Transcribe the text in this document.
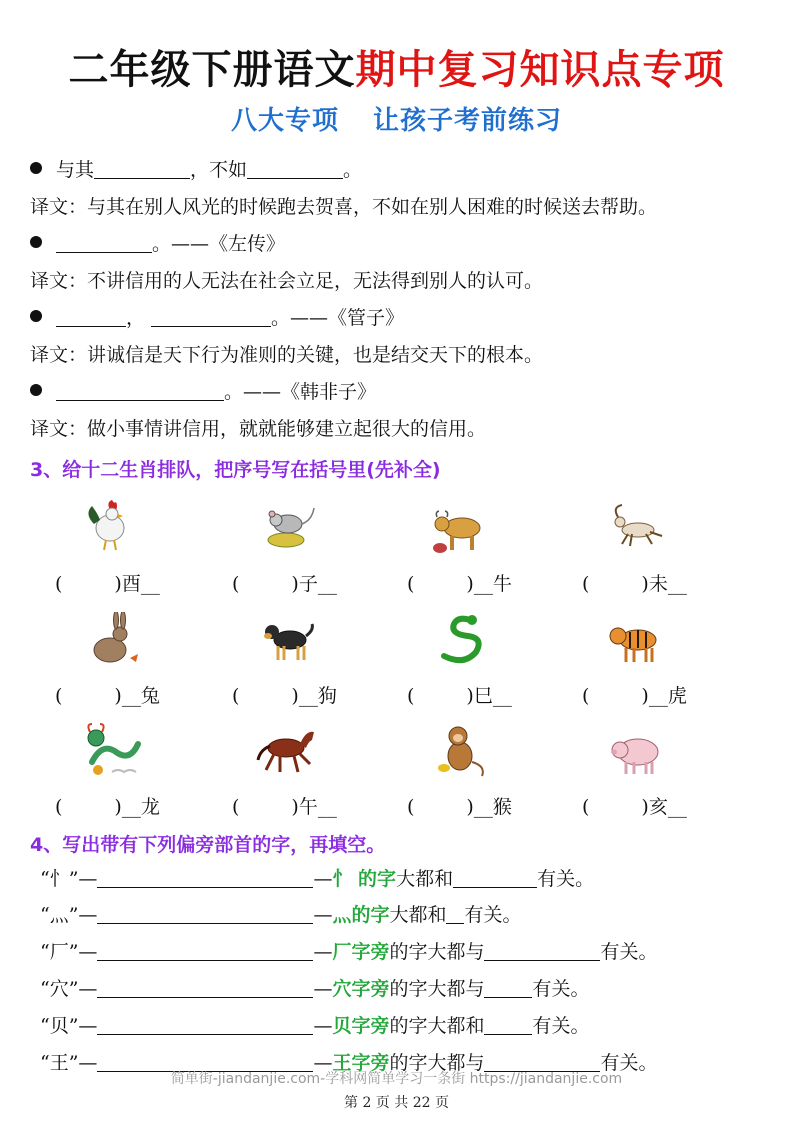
二年级下册语文期中复习知识点专项
八大专项 让孩子考前练习
与其	，不如	。
译文：与其在别人风光的时候跑去贺喜，不如在别人困难的时候送去帮助。
。——《左传》
译文：不讲信用的人无法在社会立足，无法得到别人的认可。
，	。——《管子》
译文：讲诚信是天下行为准则的关键，也是结交天下的根本。
。——《韩非子》
译文：做小事情讲信用，就就能够建立起很大的信用。
3、给十二生肖排队，把序号写在括号里(先补全)
(	)酉__	(	)子__	(	)__牛	(	)未__
(	)__兔	(	)__狗	(	)巳__	(	)__虎
(	)__龙	(	)午__	(	)__猴	(	)亥__
4、写出带有下列偏旁部首的字，再填空。
“忄”—	—忄 的字大都和	有关。
“灬”—	—灬的字大都和 有关。
“厂”—	—厂字旁的字大都与	有关。
“穴”—	—穴字旁的字大都与	有关。
“贝”—	—贝字旁的字大都和	有关。
“王”—	—王字旁的字大都与	有关。
简单街-jiandanjie.com-学科网简单学习一条街 https://jiandanjie.com
第 2 页 共 22 页
